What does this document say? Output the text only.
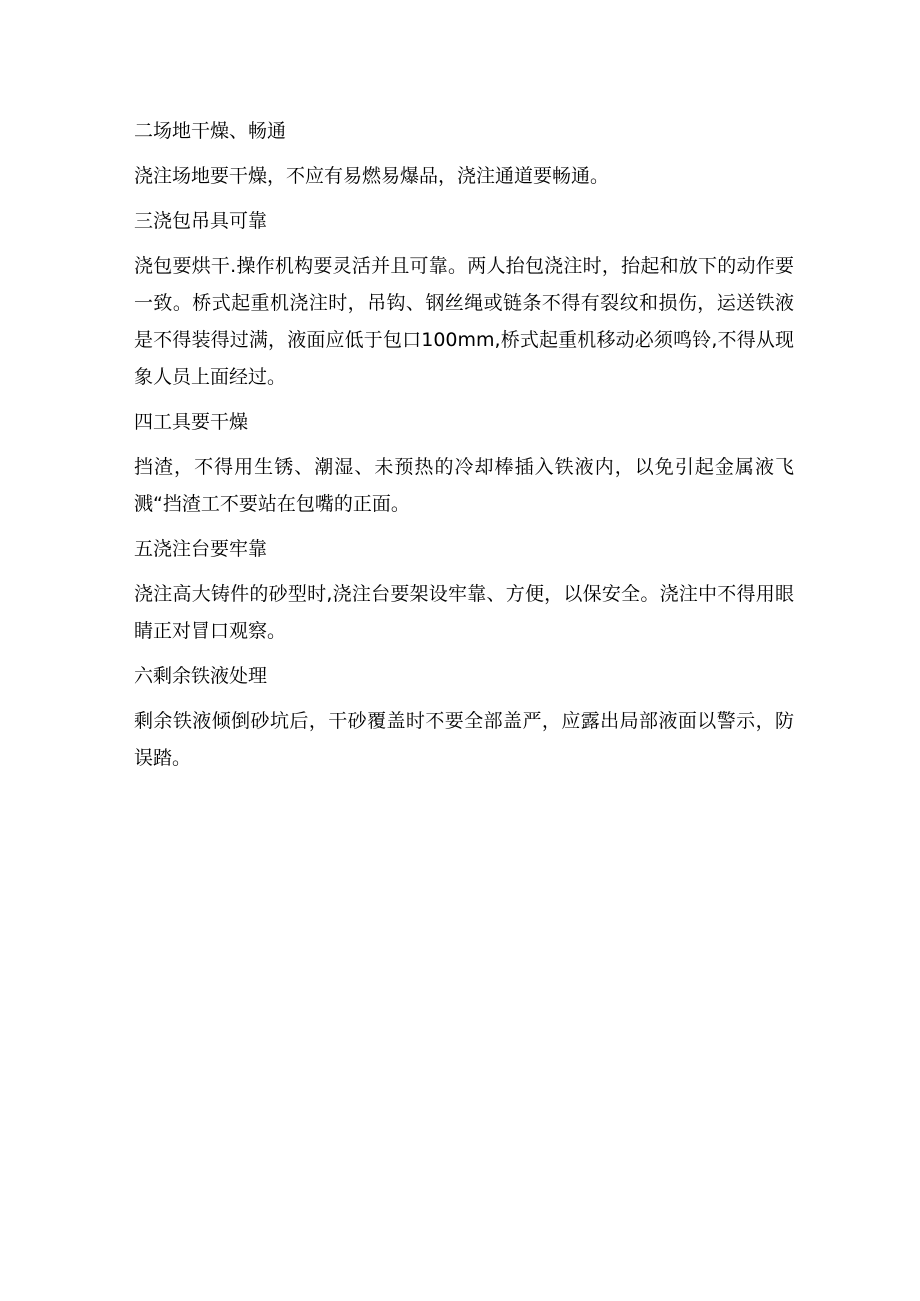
二场地干燥、畅通
浇注场地要干燥，不应有易燃易爆品，浇注通道要畅通。
三浇包吊具可靠
浇包要烘干.操作机构要灵活并且可靠。两人抬包浇注时，抬起和放下的动作要一致。桥式起重机浇注时，吊钩、钢丝绳或链条不得有裂纹和损伤，运送铁液是不得装得过满，液面应低于包口100mm,桥式起重机移动必须鸣铃,不得从现象人员上面经过。
四工具要干燥
挡渣，不得用生锈、潮湿、未预热的冷却棒插入铁液内，以免引起金属液飞溅“挡渣工不要站在包嘴的正面。
五浇注台要牢靠
浇注高大铸件的砂型时,浇注台要架设牢靠、方便，以保安全。浇注中不得用眼睛正对冒口观察。
六剩余铁液处理
剩余铁液倾倒砂坑后，干砂覆盖时不要全部盖严，应露出局部液面以警示，防误踏。
